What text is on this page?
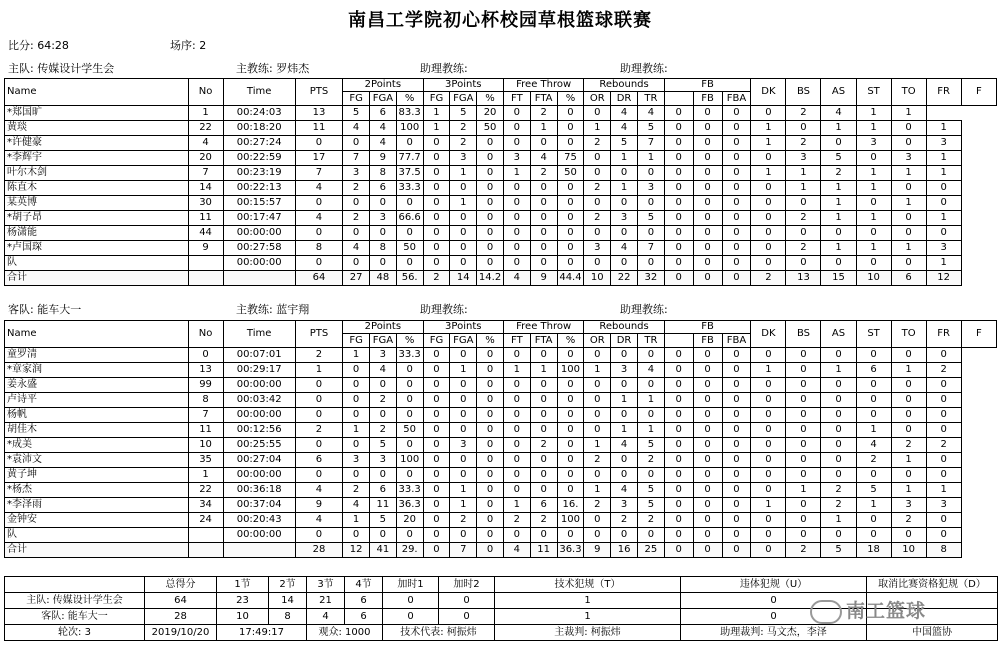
南昌工学院初心杯校园草根篮球联赛
比分: 64:28	场序: 2
主队: 传媒设计学生会	主教练: 罗炜杰	助理教练:	助理教练:
Name	No	Time	PTS	2Points			3Points			Free Throw			Rebounds			FB			DK	BS	AS	ST	TO	FR	F
				FG	FGA	%	FG	FGA	%	FT	FTA	%	OR	DR	TR		FB	FBA							
*郑国旷	1	00:24:03	13	5	6	83.3	1	5	20	0	2	0	0	4	4	0	0	0	0	2	4	1	1		
黄琰	22	00:18:20	11	4	4	100	1	2	50	0	1	0	1	4	5	0	0	0	1	0	1	1	0	1	
*许健豪	4	00:27:24	0	0	4	0	0	2	0	0	0	0	2	5	7	0	0	0	1	2	0	3	0	3	
*李辉宇	20	00:22:59	17	7	9	77.7	0	3	0	3	4	75	0	1	1	0	0	0	0	3	5	0	3	1	
叶尔木剑	7	00:23:19	7	3	8	37.5	0	1	0	1	2	50	0	0	0	0	0	0	1	1	2	1	1	1	
陈直木	14	00:22:13	4	2	6	33.3	0	0	0	0	0	0	2	1	3	0	0	0	0	1	1	1	0	0	
某英博	30	00:15:57	0	0	0	0	0	1	0	0	0	0	0	0	0	0	0	0	0	0	1	0	1	0	
*胡子昂	11	00:17:47	4	2	3	66.6	0	0	0	0	0	0	2	3	5	0	0	0	0	2	1	1	0	1	
杨潇能	44	00:00:00	0	0	0	0	0	0	0	0	0	0	0	0	0	0	0	0	0	0	0	0	0	0	
*卢国琛	9	00:27:58	8	4	8	50	0	0	0	0	0	0	3	4	7	0	0	0	0	2	1	1	1	3	
队		00:00:00	0	0	0	0	0	0	0	0	0	0	0	0	0	0	0	0	0	0	0	0	0	1	
合计			64	27	48	56.	2	14	14.2	4	9	44.4	10	22	32	0	0	0	2	13	15	10	6	12	
客队: 能车大一	主教练: 蓝宇翔	助理教练:	助理教练:
Name	No	Time	PTS	2Points			3Points			Free Throw			Rebounds			FB			DK	BS	AS	ST	TO	FR	F
				FG	FGA	%	FG	FGA	%	FT	FTA	%	OR	DR	TR		FB	FBA							
童罗清	0	00:07:01	2	1	3	33.3	0	0	0	0	0	0	0	0	0	0	0	0	0	0	0	0	0	0	
*章家润	13	00:29:17	1	0	4	0	0	1	0	1	1	100	1	3	4	0	0	0	1	0	1	6	1	2	
姜永盛	99	00:00:00	0	0	0	0	0	0	0	0	0	0	0	0	0	0	0	0	0	0	0	0	0	0	
卢诗平	8	00:03:42	0	0	2	0	0	0	0	0	0	0	0	1	1	0	0	0	0	0	0	0	0	0	
杨帆	7	00:00:00	0	0	0	0	0	0	0	0	0	0	0	0	0	0	0	0	0	0	0	0	0	0	
胡佳木	11	00:12:56	2	1	2	50	0	0	0	0	0	0	0	1	1	0	0	0	0	0	0	1	0	0	
*成美	10	00:25:55	0	0	5	0	0	3	0	0	2	0	1	4	5	0	0	0	0	0	0	4	2	2	
*袁沛文	35	00:27:04	6	3	3	100	0	0	0	0	0	0	2	0	2	0	0	0	0	0	0	2	1	0	
黄子坤	1	00:00:00	0	0	0	0	0	0	0	0	0	0	0	0	0	0	0	0	0	0	0	0	0	0	
*杨杰	22	00:36:18	4	2	6	33.3	0	1	0	0	0	0	1	4	5	0	0	0	0	1	2	5	1	1	
*李泽雨	34	00:37:04	9	4	11	36.3	0	1	0	1	6	16.	2	3	5	0	0	0	1	0	2	1	3	3	
金钟安	24	00:20:43	4	1	5	20	0	2	0	2	2	100	0	2	2	0	0	0	0	0	1	0	2	0	
队		00:00:00	0	0	0	0	0	0	0	0	0	0	0	0	0	0	0	0	0	0	0	0	0	0	
合计			28	12	41	29.	0	7	0	4	11	36.3	9	16	25	0	0	0	0	2	5	18	10	8	
	总得分	1节	2节	3节	4节	加时1	加时2	技术犯规（T）	违体犯规（U）	取消比赛资格犯规（D）
主队: 传媒设计学生会	64	23	14	21	6	0	0	1	0	
客队: 能车大一	28	10	8	4	6	0	0	1	0	
轮次: 3	2019/10/20	17:49:17		观众: 1000		技术代表: 柯振炜		主裁判: 柯振炜	助理裁判: 马文杰，李泽	中国篮协
南工篮球
